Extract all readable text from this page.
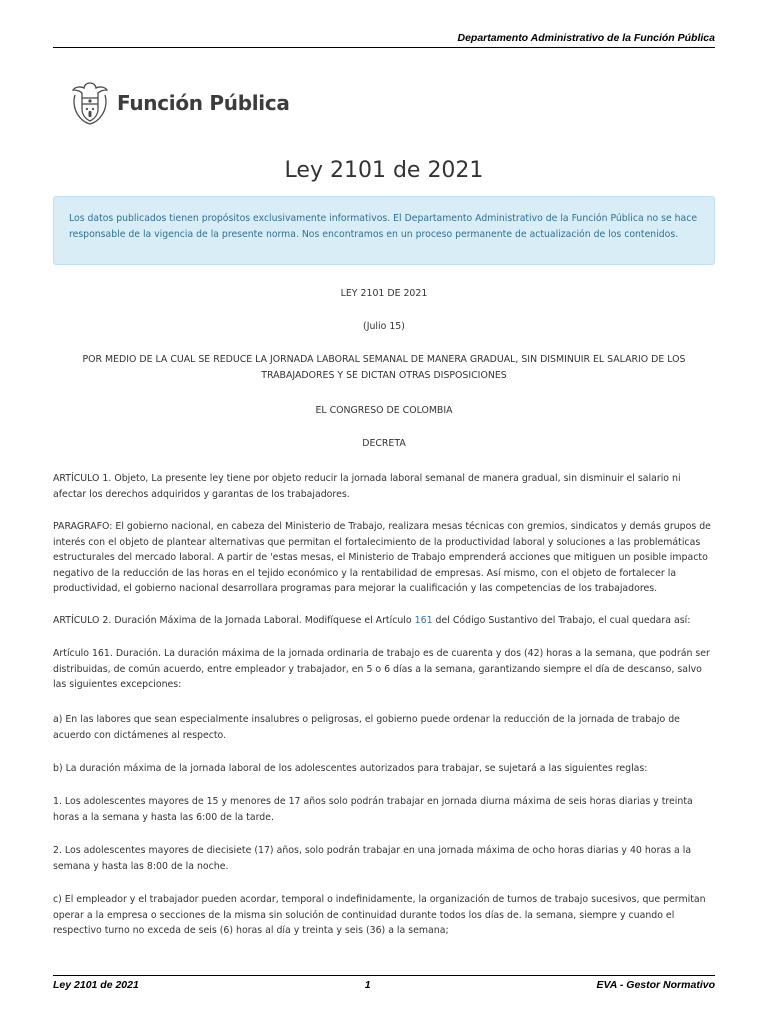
Departamento Administrativo de la Función Pública
Función Pública
Ley 2101 de 2021
Los datos publicados tienen propósitos exclusivamente informativos. El Departamento Administrativo de la Función Pública no se hace responsable de la vigencia de la presente norma. Nos encontramos en un proceso permanente de actualización de los contenidos.
LEY 2101 DE 2021
(Julio 15)
POR MEDIO DE LA CUAL SE REDUCE LA JORNADA LABORAL SEMANAL DE MANERA GRADUAL, SIN DISMINUIR EL SALARIO DE LOS TRABAJADORES Y SE DICTAN OTRAS DISPOSICIONES
EL CONGRESO DE COLOMBIA
DECRETA
ARTÍCULO 1. Objeto, La presente ley tiene por objeto reducir la jornada laboral semanal de manera gradual, sin disminuir el salario ni afectar los derechos adquiridos y garantas de los trabajadores.
PARAGRAFO: El gobierno nacional, en cabeza del Ministerio de Trabajo, realizara mesas técnicas con gremios, sindicatos y demás grupos de interés con el objeto de plantear alternativas que permitan el fortalecimiento de la productividad laboral y soluciones a las problemáticas estructurales del mercado laboral. A partir de 'estas mesas, el Ministerio de Trabajo emprenderá acciones que mitiguen un posible impacto negativo de la reducción de las horas en el tejido económico y la rentabilidad de empresas. Así mismo, con el objeto de fortalecer la productividad, el gobierno nacional desarrollara programas para mejorar la cualificación y las competencias de los trabajadores.
ARTÍCULO 2. Duración Máxima de la Jornada Laboral. Modifíquese el Artículo 161 del Código Sustantivo del Trabajo, el cual quedara así:
Artículo 161. Duración. La duración máxima de la jornada ordinaria de trabajo es de cuarenta y dos (42) horas a la semana, que podrán ser distribuidas, de común acuerdo, entre empleador y trabajador, en 5 o 6 días a la semana, garantizando siempre el día de descanso, salvo las siguientes excepciones:
a) En las labores que sean especialmente insalubres o peligrosas, el gobierno puede ordenar la reducción de la jornada de trabajo de acuerdo con dictámenes al respecto.
b) La duración máxima de la jornada laboral de los adolescentes autorizados para trabajar, se sujetará a las siguientes reglas:
1. Los adolescentes mayores de 15 y menores de 17 años solo podrán trabajar en jornada diurna máxima de seis horas diarias y treinta horas a la semana y hasta las 6:00 de la tarde.
2. Los adolescentes mayores de diecisiete (17) años, solo podrán trabajar en una jornada máxima de ocho horas diarias y 40 horas a la semana y hasta las 8:00 de la noche.
c) El empleador y el trabajador pueden acordar, temporal o indefinidamente, la organización de turnos de trabajo sucesivos, que permitan operar a la empresa o secciones de la misma sin solución de continuidad durante todos los días de. la semana, siempre y cuando el respectivo turno no exceda de seis (6) horas al día y treinta y seis (36) a la semana;
Ley 2101 de 2021	1	EVA - Gestor Normativo
